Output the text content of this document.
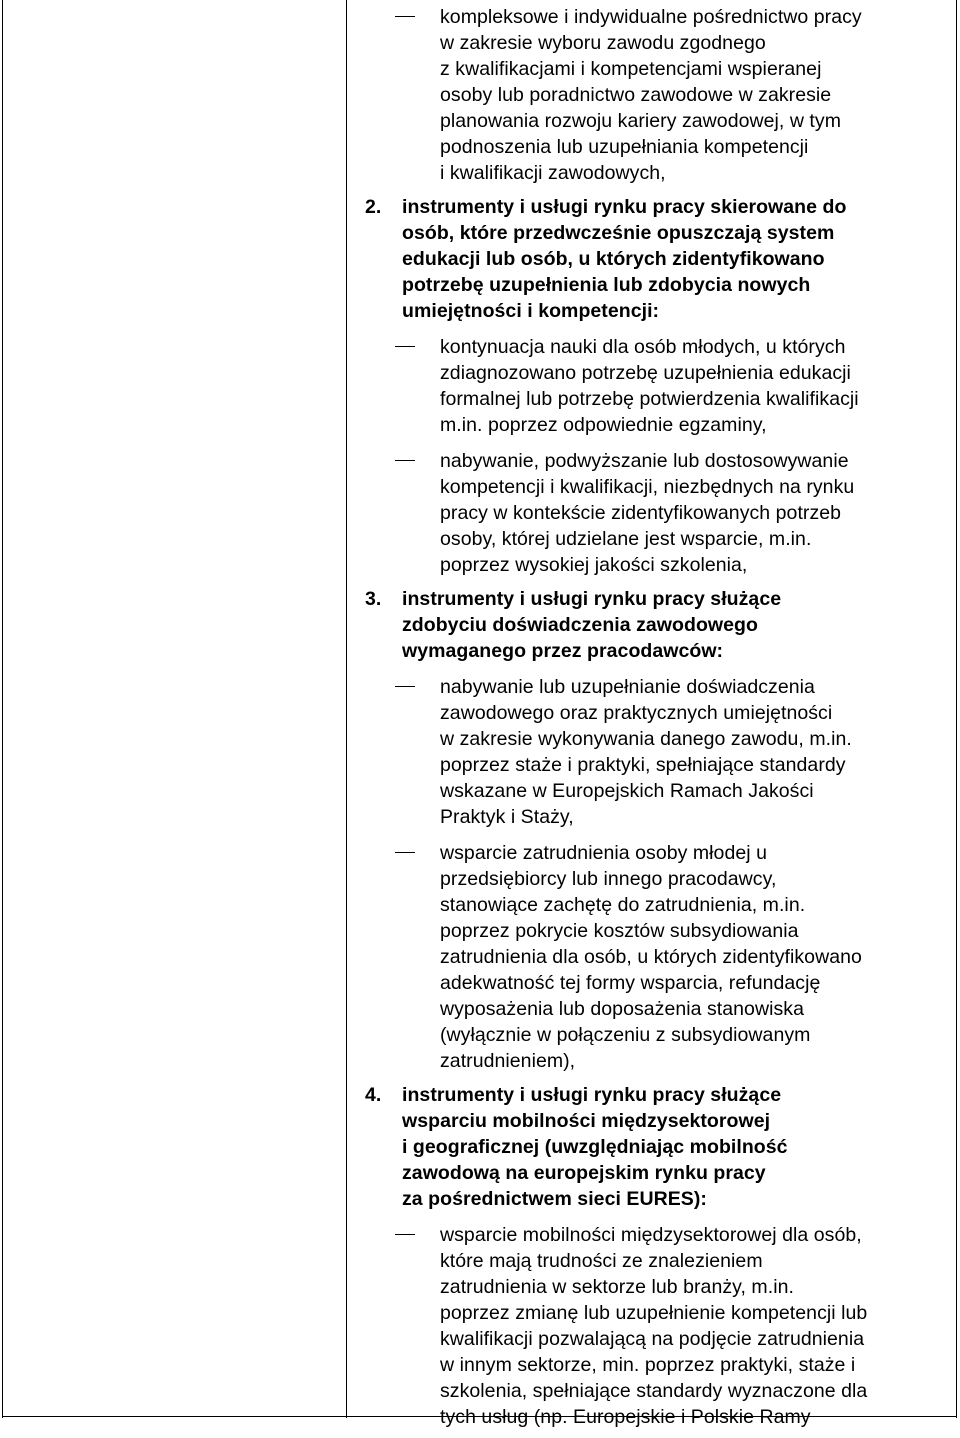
kompleksowe i indywidualne pośrednictwo pracy
w zakresie wyboru zawodu zgodnego
z kwalifikacjami i kompetencjami wspieranej
osoby lub poradnictwo zawodowe w zakresie
planowania rozwoju kariery zawodowej, w tym
podnoszenia lub uzupełniania kompetencji
i kwalifikacji zawodowych,
2. instrumenty i usługi rynku pracy skierowane do
osób, które przedwcześnie opuszczają system
edukacji lub osób, u których zidentyfikowano
potrzebę uzupełnienia lub zdobycia nowych
umiejętności i kompetencji:
kontynuacja nauki dla osób młodych, u których
zdiagnozowano potrzebę uzupełnienia edukacji
formalnej lub potrzebę potwierdzenia kwalifikacji
m.in. poprzez odpowiednie egzaminy,
nabywanie, podwyższanie lub dostosowywanie
kompetencji i kwalifikacji, niezbędnych na rynku
pracy w kontekście zidentyfikowanych potrzeb
osoby, której udzielane jest wsparcie, m.in.
poprzez wysokiej jakości szkolenia,
3. instrumenty i usługi rynku pracy służące
zdobyciu doświadczenia zawodowego
wymaganego przez pracodawców:
nabywanie lub uzupełnianie doświadczenia
zawodowego oraz praktycznych umiejętności
w zakresie wykonywania danego zawodu, m.in.
poprzez staże i praktyki, spełniające standardy
wskazane w Europejskich Ramach Jakości
Praktyk i Staży,
wsparcie zatrudnienia osoby młodej u
przedsiębiorcy lub innego pracodawcy,
stanowiące zachętę do zatrudnienia, m.in.
poprzez pokrycie kosztów subsydiowania
zatrudnienia dla osób, u których zidentyfikowano
adekwatność tej formy wsparcia, refundację
wyposażenia lub doposażenia stanowiska
(wyłącznie w połączeniu z subsydiowanym
zatrudnieniem),
4. instrumenty i usługi rynku pracy służące
wsparciu mobilności międzysektorowej
i geograficznej (uwzględniając mobilność
zawodową na europejskim rynku pracy
za pośrednictwem sieci EURES):
wsparcie mobilności międzysektorowej dla osób,
które mają trudności ze znalezieniem
zatrudnienia w sektorze lub branży, m.in.
poprzez zmianę lub uzupełnienie kompetencji lub
kwalifikacji pozwalającą na podjęcie zatrudnienia
w innym sektorze, min. poprzez praktyki, staże i
szkolenia, spełniające standardy wyznaczone dla
tych usług (np. Europejskie i Polskie Ramy
